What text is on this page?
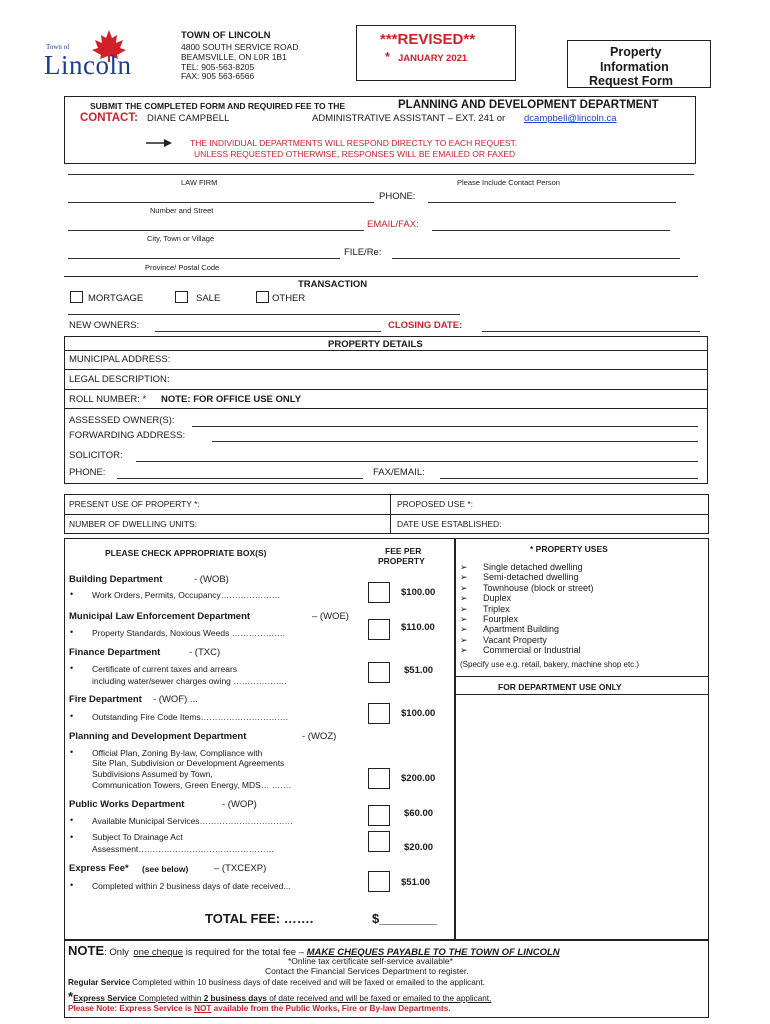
Town of
Lincoln
TOWN OF LINCOLN
4800 SOUTH SERVICE ROAD
BEAMSVILLE, ON L0R 1B1
TEL: 905-563-8205
FAX: 905 563-6566
***REVISED**
* JANUARY 2021	Property
Information
Request Form
SUBMIT THE COMPLETED FORM AND REQUIRED FEE TO THE	PLANNING AND DEVELOPMENT DEPARTMENT
CONTACT: DIANE CAMPBELL	ADMINISTRATIVE ASSISTANT – EXT. 241 or dcampbell@lincoln.ca
THE INDIVIDUAL DEPARTMENTS WILL RESPOND DIRECTLY TO EACH REQUEST.
UNLESS REQUESTED OTHERWISE, RESPONSES WILL BE EMAILED OR FAXED
LAW FIRM	Please Include Contact Person
PHONE:
Number and Street
EMAIL/FAX:
City, Town or Village
FILE/Re:
Province/ Postal Code
TRANSACTION
MORTGAGE	SALE	OTHER
NEW OWNERS:	CLOSING DATE:
PROPERTY DETAILS
MUNICIPAL ADDRESS:
LEGAL DESCRIPTION:
ROLL NUMBER: * NOTE: FOR OFFICE USE ONLY
ASSESSED OWNER(S):
FORWARDING ADDRESS:
SOLICITOR:
PHONE:	FAX/EMAIL:
PRESENT USE OF PROPERTY *:	PROPOSED USE *:
NUMBER OF DWELLING UNITS:	DATE USE ESTABLISHED:
PLEASE CHECK APPROPRIATE BOX(S)	FEE PER
PROPERTY
Building Department	- (WOB)
• Work Orders, Permits, Occupancy…………………	$100.00
Municipal Law Enforcement Department	– (WOE)
• Property Standards, Noxious Weeds ……………….	$110.00
Finance Department	- (TXC)
• Certificate of current taxes and arrears
including water/sewer charges owing ……………….
$51.00
Fire Department - (WOF) ...
• Outstanding Fire Code Items………………………….	$100.00
Planning and Development Department	- (WOZ)
• Official Plan, Zoning By-law, Compliance with
Site Plan, Subdivision or Development Agreements
Subdivisions Assumed by Town,
Communication Towers, Green Energy, MDS… …….
$200.00
Public Works Department	- (WOP)
• Available Municipal Services……………………………
$60.00
• Subject To Drainage Act
Assessment…………………………………………	$20.00
Express Fee* (see below)	– (TXCEXP)
• Completed within 2 business days of date received...	$51.00
TOTAL FEE: …….	$________
* PROPERTY USES
➢ Single detached dwelling
➢ Semi-detached dwelling
➢ Townhouse (block or street)
➢ Duplex
➢ Triplex
➢ Fourplex
➢ Apartment Building
➢ Vacant Property
➢ Commercial or Industrial
(Specify use e.g. retail, bakery, machine shop etc.)
FOR DEPARTMENT USE ONLY
NOTE: Only one cheque is required for the total fee – MAKE CHEQUES PAYABLE TO THE TOWN OF LINCOLN
*Online tax certificate self-service available*
Contact the Financial Services Department to register.
Regular Service Completed within 10 business days of date received and will be faxed or emailed to the applicant.
*Express Service Completed within 2 business days of date received and will be faxed or emailed to the applicant.
Please Note: Express Service is NOT available from the Public Works, Fire or By-law Departments.
